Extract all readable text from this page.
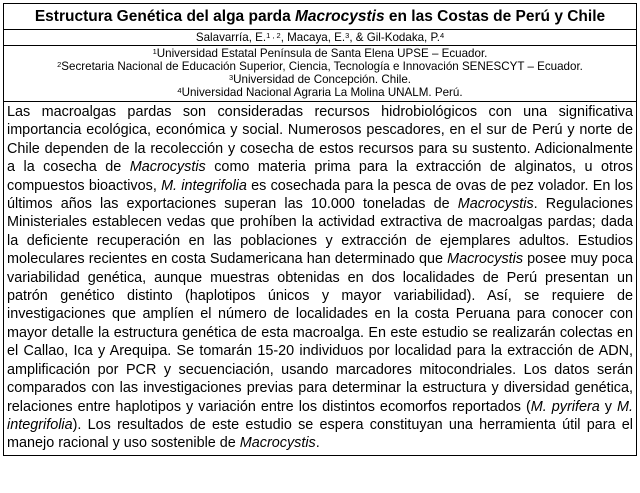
Estructura Genética del alga parda Macrocystis en las Costas de Perú y Chile
Salavarría, E.$^{1 , 2}$, Macaya, E.$^3$, & Gil-Kodaka, P.$^4$
$^1$Universidad Estatal Península de Santa Elena UPSE – Ecuador.
$^2$Secretaria Nacional de Educación Superior, Ciencia, Tecnología e Innovación SENESCYT – Ecuador.
$^3$Universidad de Concepción. Chile.
$^4$Universidad Nacional Agraria La Molina UNALM. Perú.
Las macroalgas pardas son consideradas recursos hidrobiológicos con una significativa importancia ecológica, económica y social. Numerosos pescadores, en el sur de Perú y norte de Chile dependen de la recolección y cosecha de estos recursos para su sustento. Adicionalmente a la cosecha de Macrocystis como materia prima para la extracción de alginatos, u otros compuestos bioactivos, M. integrifolia es cosechada para la pesca de ovas de pez volador. En los últimos años las exportaciones superan las 10.000 toneladas de Macrocystis. Regulaciones Ministeriales establecen vedas que prohíben la actividad extractiva de macroalgas pardas; dada la deficiente recuperación en las poblaciones y extracción de ejemplares adultos. Estudios moleculares recientes en costa Sudamericana han determinado que Macrocystis posee muy poca variabilidad genética, aunque muestras obtenidas en dos localidades de Perú presentan un patrón genético distinto (haplotipos únicos y mayor variabilidad). Así, se requiere de investigaciones que amplíen el número de localidades en la costa Peruana para conocer con mayor detalle la estructura genética de esta macroalga. En este estudio se realizarán colectas en el Callao, Ica y Arequipa. Se tomarán 15-20 individuos por localidad para la extracción de ADN, amplificación por PCR y secuenciación, usando marcadores mitocondriales. Los datos serán comparados con las investigaciones previas para determinar la estructura y diversidad genética, relaciones entre haplotipos y variación entre los distintos ecomorfos reportados (M. pyrifera y M. integrifolia). Los resultados de este estudio se espera constituyan una herramienta útil para el manejo racional y uso sostenible de Macrocystis.
